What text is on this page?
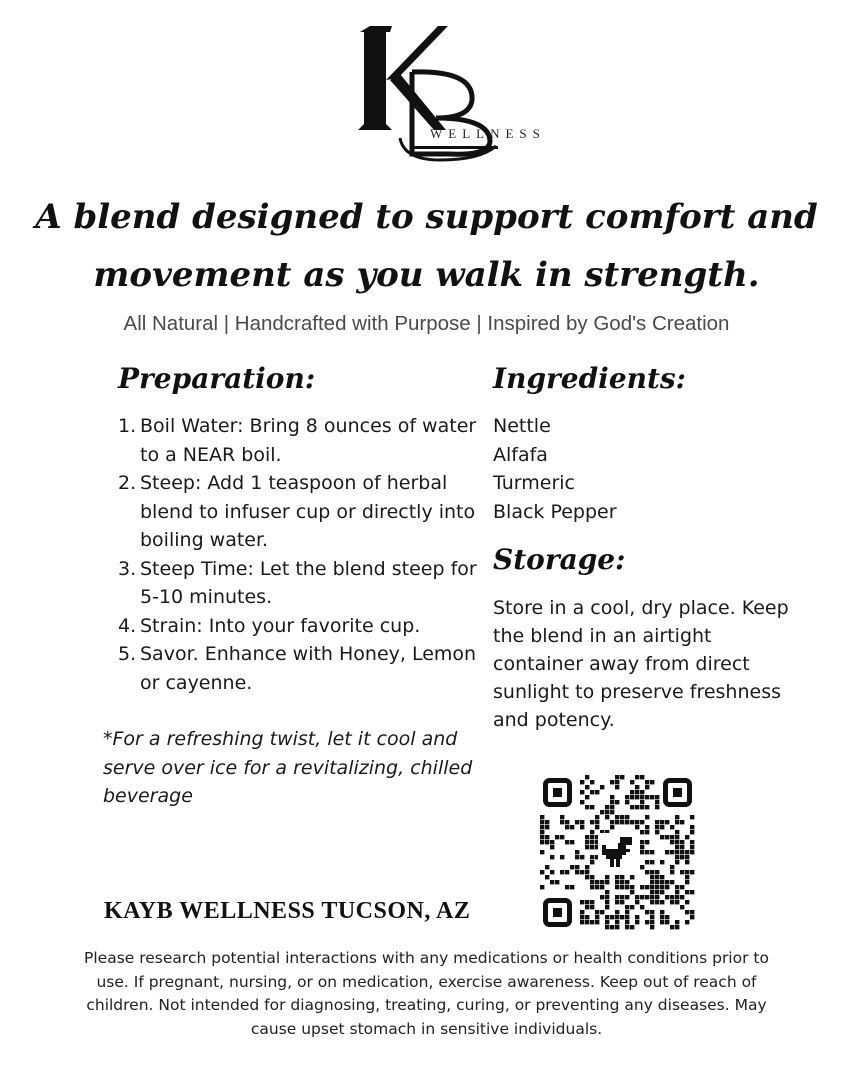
WELLNESS
A blend designed to support comfort and
movement as you walk in strength.
All Natural | Handcrafted with Purpose | Inspired by God's Creation
Preparation:
1. Boil Water: Bring 8 ounces of water to a NEAR boil.
2. Steep: Add 1 teaspoon of herbal blend to infuser cup or directly into boiling water.
3. Steep Time: Let the blend steep for 5-10 minutes.
4. Strain: Into your favorite cup.
5. Savor. Enhance with Honey, Lemon or cayenne.
*For a refreshing twist, let it cool and serve over ice for a revitalizing, chilled beverage
Ingredients:
Nettle
Alfafa
Turmeric
Black Pepper
Storage:
Store in a cool, dry place. Keep the blend in an airtight container away from direct sunlight to preserve freshness and potency.
KAYB WELLNESS TUCSON, AZ
Please research potential interactions with any medications or health conditions prior to use. If pregnant, nursing, or on medication, exercise awareness. Keep out of reach of children. Not intended for diagnosing, treating, curing, or preventing any diseases. May cause upset stomach in sensitive individuals.
